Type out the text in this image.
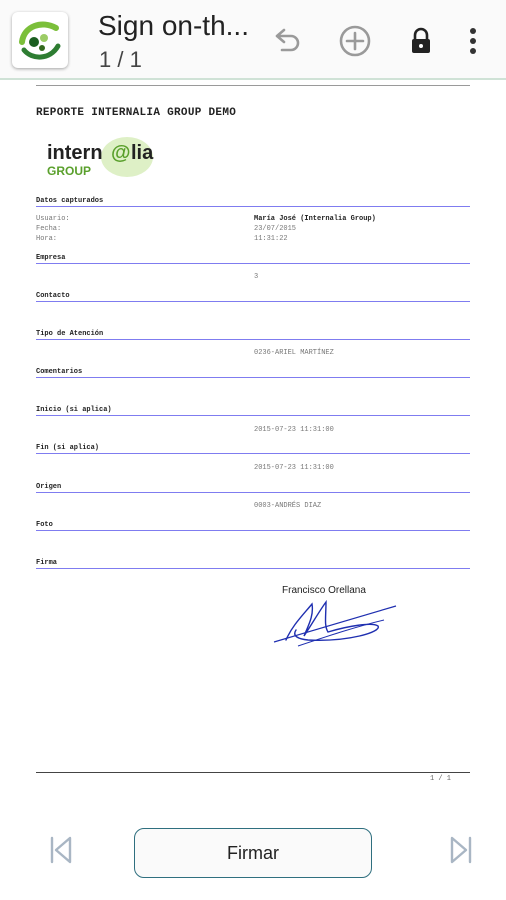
Sign on-th...
1 / 1
REPORTE INTERNALIA GROUP DEMO
intern @ lia
GROUP
Datos capturados
Usuario:	María José (Internalia Group)
Fecha:	23/07/2015
Hora:	11:31:22
Empresa
3
Contacto
Tipo de Atención
0236-ARIEL MARTÍNEZ
Comentarios
Inicio (si aplica)
2015-07-23 11:31:00
Fin (si aplica)
2015-07-23 11:31:00
Origen
0003-ANDRÉS DIAZ
Foto
Firma
Francisco Orellana
1 / 1
Firmar
